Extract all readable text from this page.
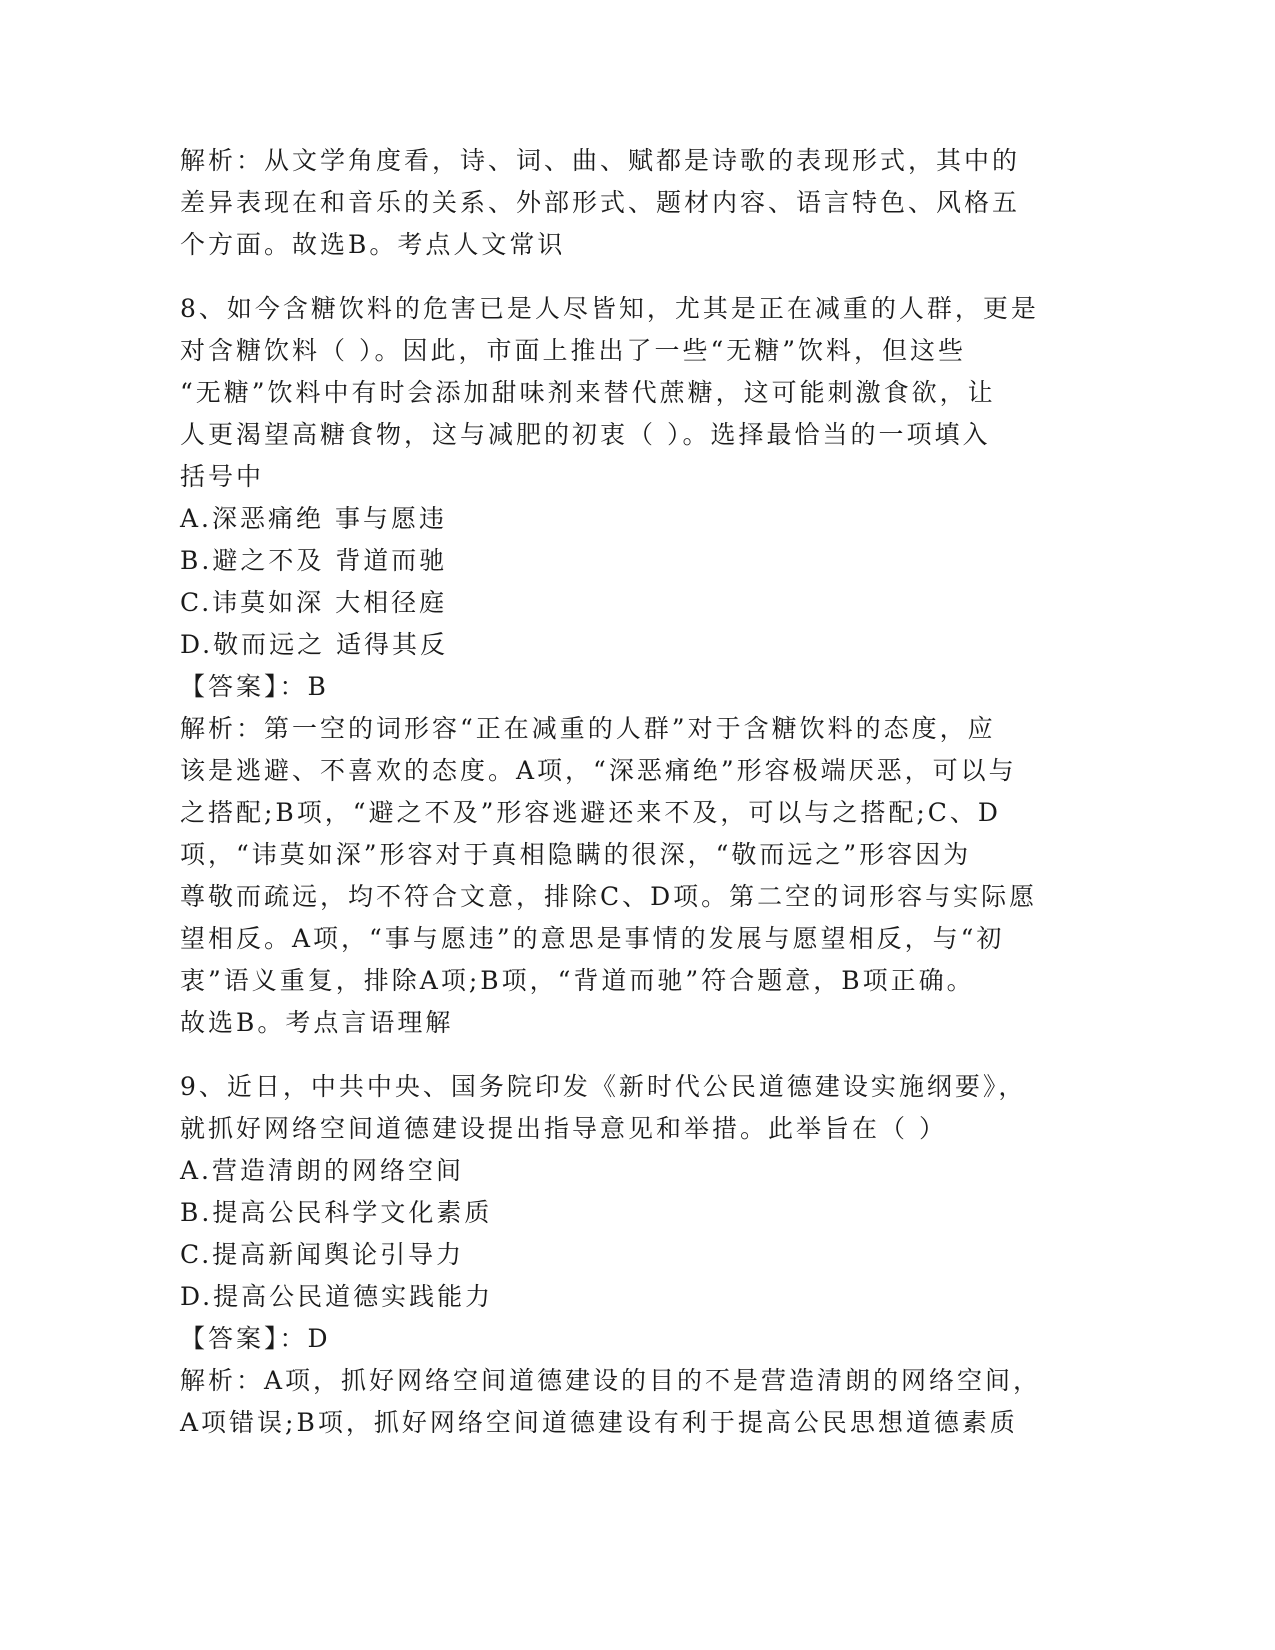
解析：从文学角度看，诗、词、曲、赋都是诗歌的表现形式，其中的
差异表现在和音乐的关系、外部形式、题材内容、语言特色、风格五
个方面。故选B。考点人文常识
8、如今含糖饮料的危害已是人尽皆知，尤其是正在减重的人群，更是
对含糖饮料（ ）。因此，市面上推出了一些“无糖”饮料，但这些
“无糖”饮料中有时会添加甜味剂来替代蔗糖，这可能刺激食欲，让
人更渴望高糖食物，这与减肥的初衷（ ）。选择最恰当的一项填入
括号中
A.深恶痛绝 事与愿违
B.避之不及 背道而驰
C.讳莫如深 大相径庭
D.敬而远之 适得其反
【答案】：B
解析：第一空的词形容“正在减重的人群”对于含糖饮料的态度，应
该是逃避、不喜欢的态度。A项，“深恶痛绝”形容极端厌恶，可以与
之搭配;B项，“避之不及”形容逃避还来不及，可以与之搭配;C、D
项，“讳莫如深”形容对于真相隐瞒的很深，“敬而远之”形容因为
尊敬而疏远，均不符合文意，排除C、D项。第二空的词形容与实际愿
望相反。A项，“事与愿违”的意思是事情的发展与愿望相反，与“初
衷”语义重复，排除A项;B项，“背道而驰”符合题意，B项正确。
故选B。考点言语理解
9、近日，中共中央、国务院印发《新时代公民道德建设实施纲要》，
就抓好网络空间道德建设提出指导意见和举措。此举旨在（ ）
A.营造清朗的网络空间
B.提高公民科学文化素质
C.提高新闻舆论引导力
D.提高公民道德实践能力
【答案】：D
解析：A项，抓好网络空间道德建设的目的不是营造清朗的网络空间，
A项错误;B项，抓好网络空间道德建设有利于提高公民思想道德素质
